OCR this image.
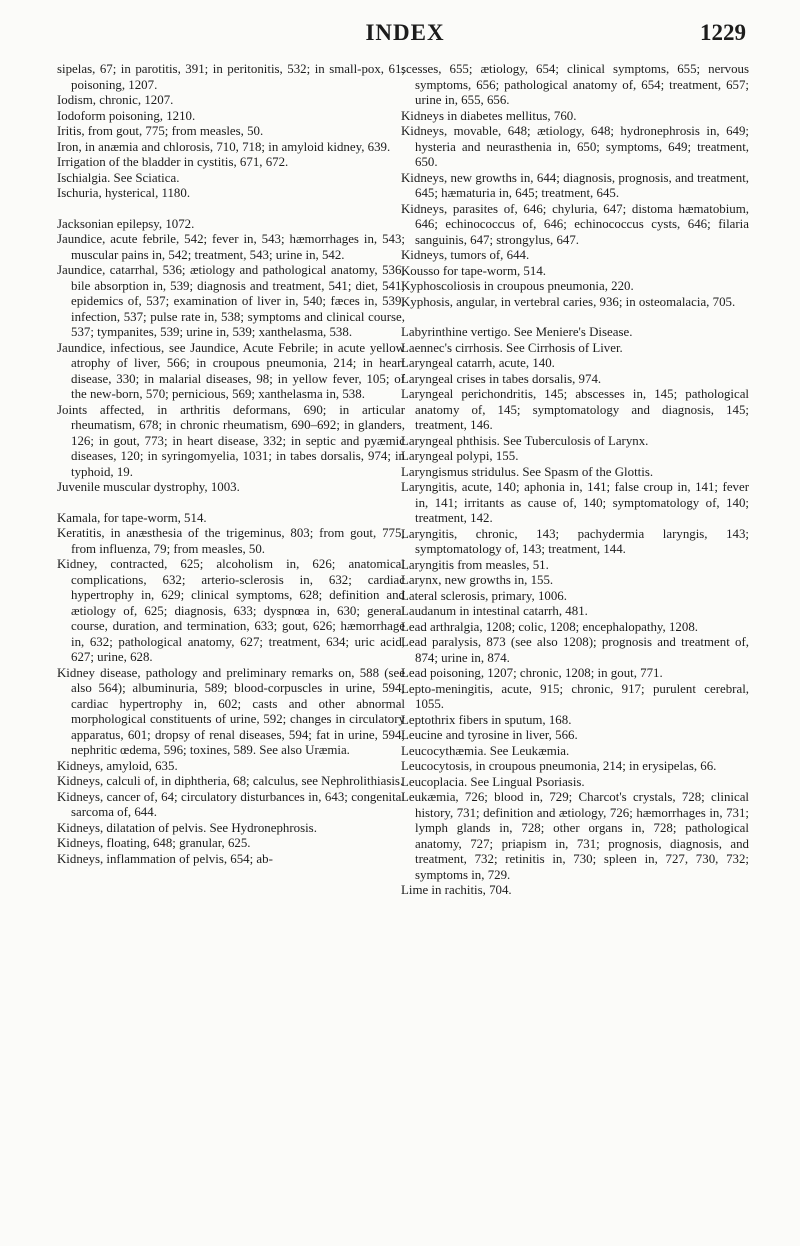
INDEX	1229
sipelas, 67; in parotitis, 391; in peritonitis, 532; in small-pox, 61; poisoning, 1207.
Iodism, chronic, 1207.
Iodoform poisoning, 1210.
Iritis, from gout, 775; from measles, 50.
Iron, in anæmia and chlorosis, 710, 718; in amyloid kidney, 639.
Irrigation of the bladder in cystitis, 671, 672.
Ischialgia. See Sciatica.
Ischuria, hysterical, 1180.
Jacksonian epilepsy, 1072.
Jaundice, acute febrile, 542; fever in, 543; hæmorrhages in, 543; muscular pains in, 542; treatment, 543; urine in, 542.
Jaundice, catarrhal, 536; ætiology and pathological anatomy, 536; bile absorption in, 539; diagnosis and treatment, 541; diet, 541; epidemics of, 537; examination of liver in, 540; fæces in, 539; infection, 537; pulse rate in, 538; symptoms and clinical course, 537; tympanites, 539; urine in, 539; xanthelasma, 538.
Jaundice, infectious, see Jaundice, Acute Febrile; in acute yellow atrophy of liver, 566; in croupous pneumonia, 214; in heart disease, 330; in malarial diseases, 98; in yellow fever, 105; of the new-born, 570; pernicious, 569; xanthelasma in, 538.
Joints affected, in arthritis deformans, 690; in articular rheumatism, 678; in chronic rheumatism, 690–692; in glanders, 126; in gout, 773; in heart disease, 332; in septic and pyæmic diseases, 120; in syringomyelia, 1031; in tabes dorsalis, 974; in typhoid, 19.
Juvenile muscular dystrophy, 1003.
Kamala, for tape-worm, 514.
Keratitis, in anæsthesia of the trigeminus, 803; from gout, 775; from influenza, 79; from measles, 50.
Kidney, contracted, 625; alcoholism in, 626; anatomical complications, 632; arterio-sclerosis in, 632; cardiac hypertrophy in, 629; clinical symptoms, 628; definition and ætiology of, 625; diagnosis, 633; dyspnœa in, 630; general course, duration, and termination, 633; gout, 626; hæmorrhage in, 632; pathological anatomy, 627; treatment, 634; uric acid, 627; urine, 628.
Kidney disease, pathology and preliminary remarks on, 588 (see also 564); albuminuria, 589; blood-corpuscles in urine, 594; cardiac hypertrophy in, 602; casts and other abnormal morphological constituents of urine, 592; changes in circulatory apparatus, 601; dropsy of renal diseases, 594; fat in urine, 594; nephritic œdema, 596; toxines, 589. See also Uræmia.
Kidneys, amyloid, 635.
Kidneys, calculi of, in diphtheria, 68; calculus, see Nephrolithiasis.
Kidneys, cancer of, 64; circulatory disturbances in, 643; congenital sarcoma of, 644.
Kidneys, dilatation of pelvis. See Hydronephrosis.
Kidneys, floating, 648; granular, 625.
Kidneys, inflammation of pelvis, 654; ab-
scesses, 655; ætiology, 654; clinical symptoms, 655; nervous symptoms, 656; pathological anatomy of, 654; treatment, 657; urine in, 655, 656.
Kidneys in diabetes mellitus, 760.
Kidneys, movable, 648; ætiology, 648; hydronephrosis in, 649; hysteria and neurasthenia in, 650; symptoms, 649; treatment, 650.
Kidneys, new growths in, 644; diagnosis, prognosis, and treatment, 645; hæmaturia in, 645; treatment, 645.
Kidneys, parasites of, 646; chyluria, 647; distoma hæmatobium, 646; echinococcus of, 646; echinococcus cysts, 646; filaria sanguinis, 647; strongylus, 647.
Kidneys, tumors of, 644.
Kousso for tape-worm, 514.
Kyphoscoliosis in croupous pneumonia, 220.
Kyphosis, angular, in vertebral caries, 936; in osteomalacia, 705.
Labyrinthine vertigo. See Meniere's Disease.
Laennec's cirrhosis. See Cirrhosis of Liver.
Laryngeal catarrh, acute, 140.
Laryngeal crises in tabes dorsalis, 974.
Laryngeal perichondritis, 145; abscesses in, 145; pathological anatomy of, 145; symptomatology and diagnosis, 145; treatment, 146.
Laryngeal phthisis. See Tuberculosis of Larynx.
Laryngeal polypi, 155.
Laryngismus stridulus. See Spasm of the Glottis.
Laryngitis, acute, 140; aphonia in, 141; false croup in, 141; fever in, 141; irritants as cause of, 140; symptomatology of, 140; treatment, 142.
Laryngitis, chronic, 143; pachydermia laryngis, 143; symptomatology of, 143; treatment, 144.
Laryngitis from measles, 51.
Larynx, new growths in, 155.
Lateral sclerosis, primary, 1006.
Laudanum in intestinal catarrh, 481.
Lead arthralgia, 1208; colic, 1208; encephalopathy, 1208.
Lead paralysis, 873 (see also 1208); prognosis and treatment of, 874; urine in, 874.
Lead poisoning, 1207; chronic, 1208; in gout, 771.
Lepto-meningitis, acute, 915; chronic, 917; purulent cerebral, 1055.
Leptothrix fibers in sputum, 168.
Leucine and tyrosine in liver, 566.
Leucocythæmia. See Leukæmia.
Leucocytosis, in croupous pneumonia, 214; in erysipelas, 66.
Leucoplacia. See Lingual Psoriasis.
Leukæmia, 726; blood in, 729; Charcot's crystals, 728; clinical history, 731; definition and ætiology, 726; hæmorrhages in, 731; lymph glands in, 728; other organs in, 728; pathological anatomy, 727; priapism in, 731; prognosis, diagnosis, and treatment, 732; retinitis in, 730; spleen in, 727, 730, 732; symptoms in, 729.
Lime in rachitis, 704.
